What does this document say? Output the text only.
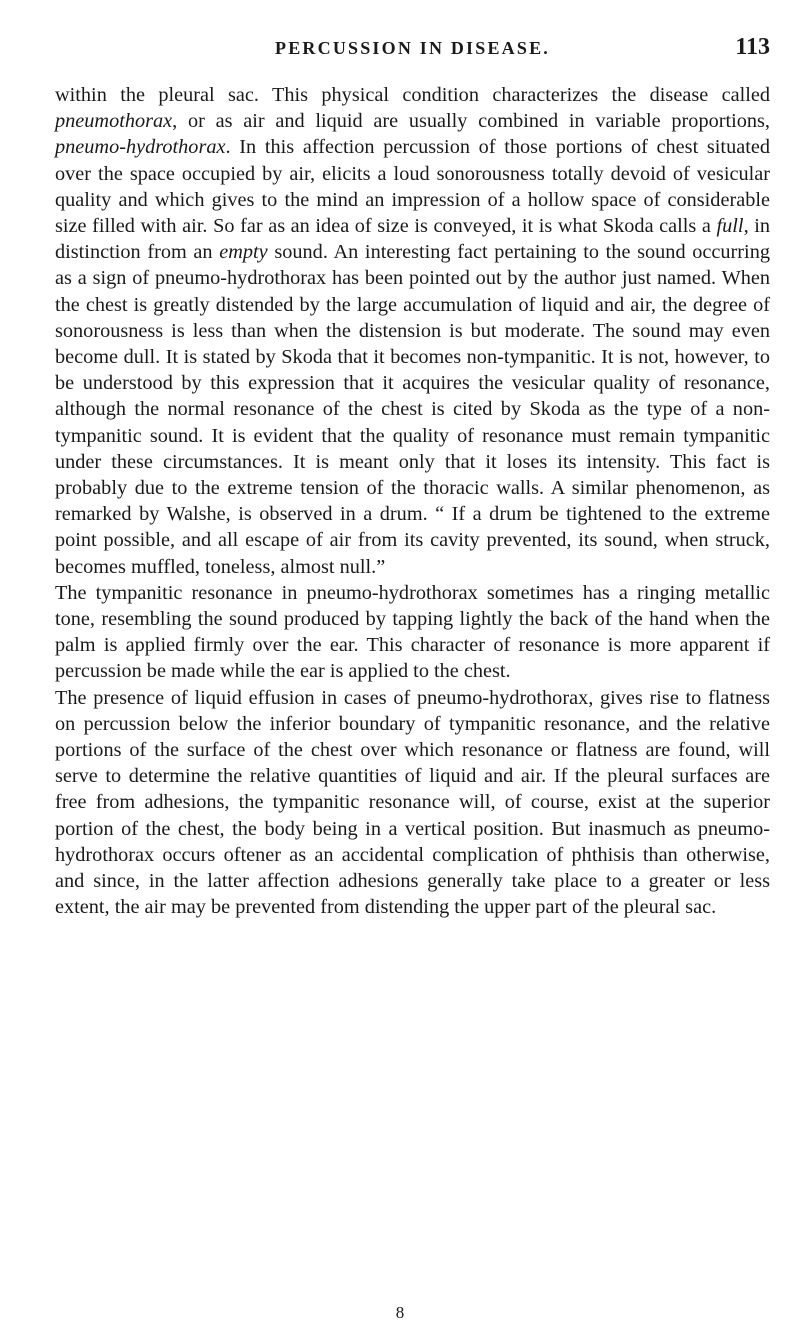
PERCUSSION IN DISEASE.	113

within the pleural sac. This physical condition characterizes the disease called pneumothorax, or as air and liquid are usually combined in variable proportions, pneumo-hydrothorax. In this affection percussion of those portions of chest situated over the space occupied by air, elicits a loud sonorousness totally devoid of vesicular quality and which gives to the mind an impression of a hollow space of considerable size filled with air. So far as an idea of size is conveyed, it is what Skoda calls a full, in distinction from an empty sound. An interesting fact pertaining to the sound occurring as a sign of pneumo-hydrothorax has been pointed out by the author just named. When the chest is greatly distended by the large accumulation of liquid and air, the degree of sonorousness is less than when the distension is but moderate. The sound may even become dull. It is stated by Skoda that it becomes non-tympanitic. It is not, however, to be understood by this expression that it acquires the vesicular quality of resonance, although the normal resonance of the chest is cited by Skoda as the type of a non-tympanitic sound. It is evident that the quality of resonance must remain tympanitic under these circumstances. It is meant only that it loses its intensity. This fact is probably due to the extreme tension of the thoracic walls. A similar phenomenon, as remarked by Walshe, is observed in a drum. “ If a drum be tightened to the extreme point possible, and all escape of air from its cavity prevented, its sound, when struck, becomes muffled, toneless, almost null.”

The tympanitic resonance in pneumo-hydrothorax sometimes has a ringing metallic tone, resembling the sound produced by tapping lightly the back of the hand when the palm is applied firmly over the ear. This character of resonance is more apparent if percussion be made while the ear is applied to the chest.

The presence of liquid effusion in cases of pneumo-hydrothorax, gives rise to flatness on percussion below the inferior boundary of tympanitic resonance, and the relative portions of the surface of the chest over which resonance or flatness are found, will serve to determine the relative quantities of liquid and air. If the pleural surfaces are free from adhesions, the tympanitic resonance will, of course, exist at the superior portion of the chest, the body being in a vertical position. But inasmuch as pneumo-hydrothorax occurs oftener as an accidental complication of phthisis than otherwise, and since, in the latter affection adhesions generally take place to a greater or less extent, the air may be prevented from distending the upper part of the pleural sac.

8
